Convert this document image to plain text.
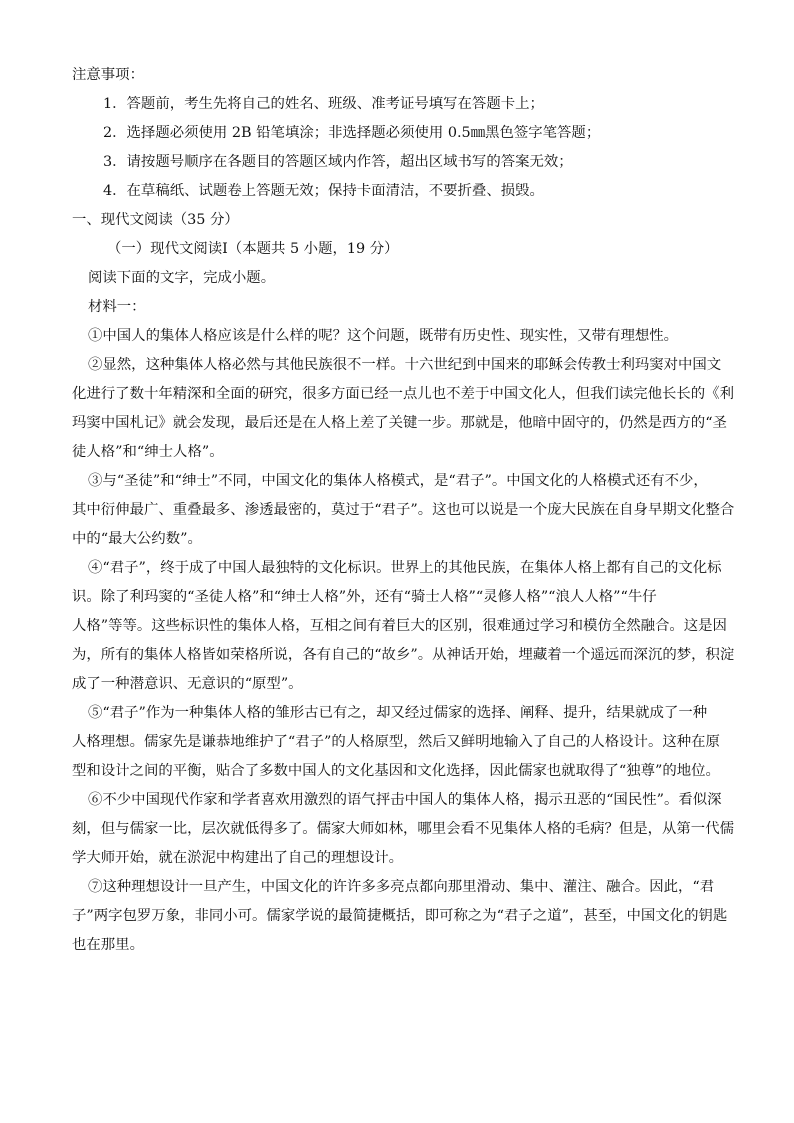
注意事项：
1．答题前，考生先将自己的姓名、班级、准考证号填写在答题卡上；
2．选择题必须使用 2B 铅笔填涂；非选择题必须使用 0.5㎜黑色签字笔答题；
3．请按题号顺序在各题目的答题区域内作答，超出区域书写的答案无效；
4．在草稿纸、试题卷上答题无效；保持卡面清洁，不要折叠、损毁。
一、现代文阅读（35 分）
（一）现代文阅读Ⅰ（本题共 5 小题，19 分）
阅读下面的文字，完成小题。
材料一：
①中国人的集体人格应该是什么样的呢？这个问题，既带有历史性、现实性，又带有理想性。
②显然，这种集体人格必然与其他民族很不一样。十六世纪到中国来的耶稣会传教士利玛窦对中国文
化进行了数十年精深和全面的研究，很多方面已经一点儿也不差于中国文化人，但我们读完他长长的《利
玛窦中国札记》就会发现，最后还是在人格上差了关键一步。那就是，他暗中固守的，仍然是西方的“圣
徒人格”和“绅士人格”。
③与“圣徒”和“绅士”不同，中国文化的集体人格模式，是“君子”。中国文化的人格模式还有不少，
其中衍伸最广、重叠最多、渗透最密的，莫过于“君子”。这也可以说是一个庞大民族在自身早期文化整合
中的“最大公约数”。
④“君子”，终于成了中国人最独特的文化标识。世界上的其他民族，在集体人格上都有自己的文化标
识。除了利玛窦的“圣徒人格”和“绅士人格”外，还有“骑士人格”“灵修人格”“浪人人格”“牛仔
人格”等等。这些标识性的集体人格，互相之间有着巨大的区别，很难通过学习和模仿全然融合。这是因
为，所有的集体人格皆如荣格所说，各有自己的“故乡”。从神话开始，埋藏着一个遥远而深沉的梦，积淀
成了一种潜意识、无意识的“原型”。
⑤“君子”作为一种集体人格的雏形古已有之，却又经过儒家的选择、阐释、提升，结果就成了一种
人格理想。儒家先是谦恭地维护了“君子”的人格原型，然后又鲜明地输入了自己的人格设计。这种在原
型和设计之间的平衡，贴合了多数中国人的文化基因和文化选择，因此儒家也就取得了“独尊”的地位。
⑥不少中国现代作家和学者喜欢用激烈的语气抨击中国人的集体人格，揭示丑恶的“国民性”。看似深
刻，但与儒家一比，层次就低得多了。儒家大师如林，哪里会看不见集体人格的毛病？但是，从第一代儒
学大师开始，就在淤泥中构建出了自己的理想设计。
⑦这种理想设计一旦产生，中国文化的许许多多亮点都向那里滑动、集中、灌注、融合。因此，“君
子”两字包罗万象，非同小可。儒家学说的最简捷概括，即可称之为“君子之道”，甚至，中国文化的钥匙
也在那里。
